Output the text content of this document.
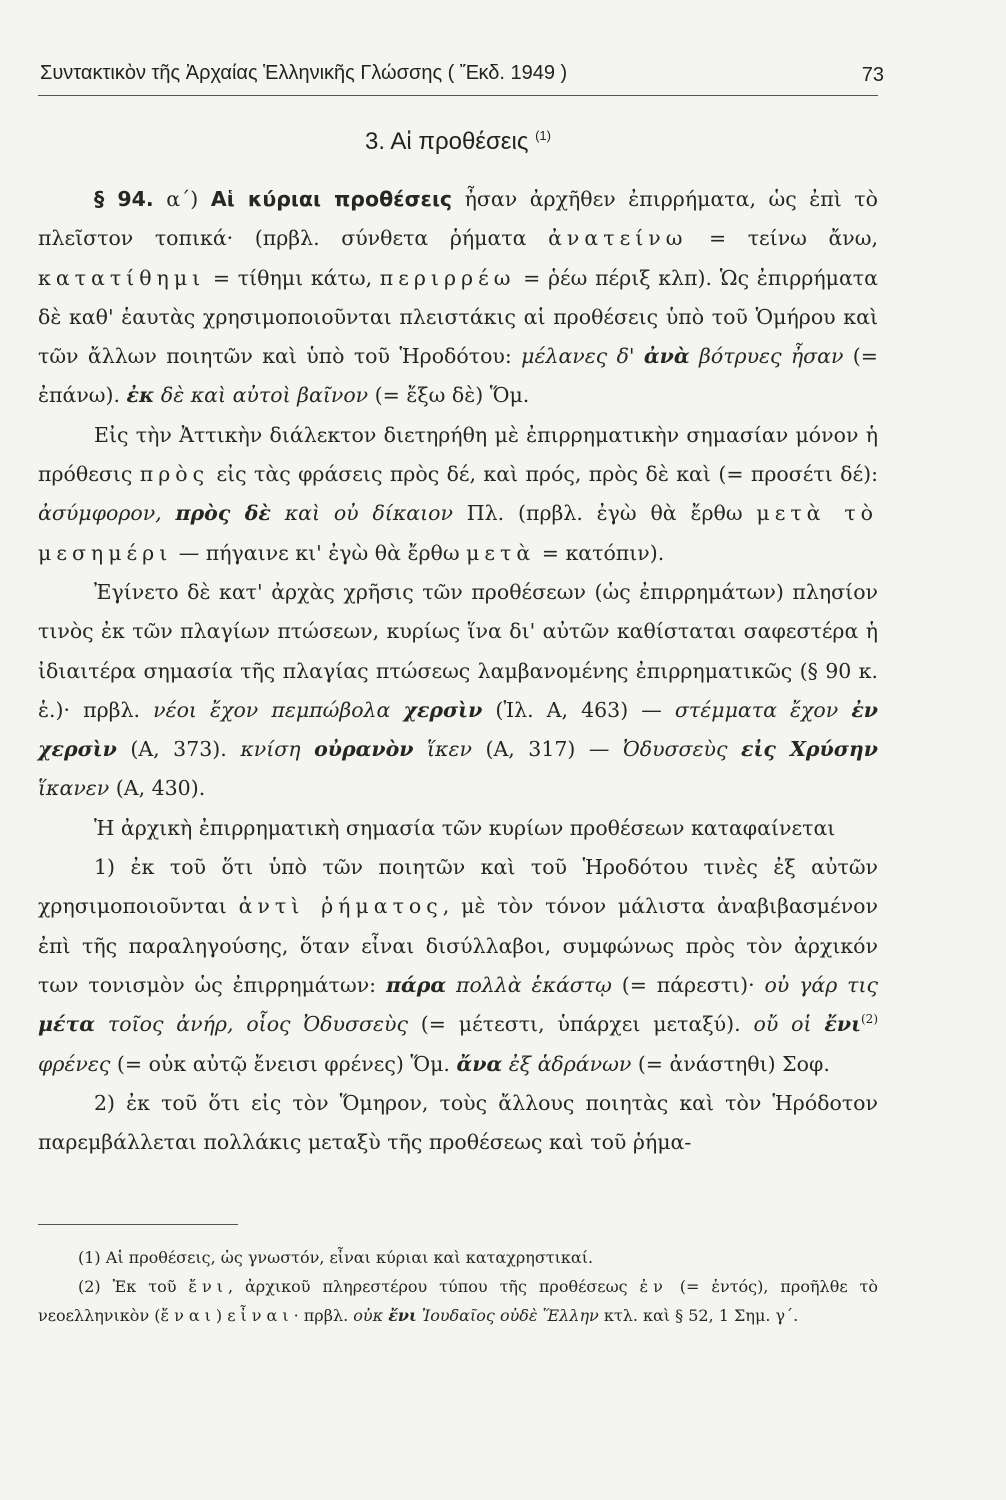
Συντακτικὸν τῆς Ἀρχαίας Ἑλληνικῆς Γλώσσης ( Ἔκδ. 1949 )	73
3. Αἱ προθέσεις $^{(1)}$

§ 94. α΄) Αἱ κύριαι προθέσεις ἦσαν ἀρχῆθεν ἐπιρρήματα, ὡς ἐπὶ τὸ πλεῖστον τοπικά· (πρβλ. σύνθετα ῥήματα ἀνατείνω = τείνω ἄνω, κατατίθημι = τίθημι κάτω, περιρρέω = ῥέω πέριξ κλπ). Ὡς ἐπιρρήματα δὲ καθ' ἑαυτὰς χρησιμοποιοῦνται πλειστάκις αἱ προθέσεις ὑπὸ τοῦ Ὁμήρου καὶ τῶν ἄλλων ποιητῶν καὶ ὑπὸ τοῦ Ἡροδότου: μέλανες δ' ἀνὰ βότρυες ἦσαν (= ἐπάνω). ἐκ δὲ καὶ αὐτοὶ βαῖνον (= ἔξω δὲ) Ὅμ.

Εἰς τὴν Ἀττικὴν διάλεκτον διετηρήθη μὲ ἐπιρρηματικὴν σημασίαν μόνον ἡ πρόθεσις πρὸς εἰς τὰς φράσεις πρὸς δέ, καὶ πρός, πρὸς δὲ καὶ (= προσέτι δέ): ἀσύμφορον, πρὸς δὲ καὶ οὐ δίκαιον Πλ. (πρβλ. ἐγὼ θὰ ἔρθω μετὰ τὸ μεσημέρι — πήγαινε κι' ἐγὼ θὰ ἔρθω μετὰ = κατόπιν).

Ἐγίνετο δὲ κατ' ἀρχὰς χρῆσις τῶν προθέσεων (ὡς ἐπιρρημάτων) πλησίον τινὸς ἐκ τῶν πλαγίων πτώσεων, κυρίως ἵνα δι' αὐτῶν καθίσταται σαφεστέρα ἡ ἰδιαιτέρα σημασία τῆς πλαγίας πτώσεως λαμβανομένης ἐπιρρηματικῶς (§ 90 κ. ἑ.)· πρβλ. νέοι ἔχον πεμπώβολα χερσὶν (Ἰλ. Α, 463) — στέμματα ἔχον ἐν χερσὶν (Α, 373). κνίση οὐρανὸν ἵκεν (Α, 317) — Ὀδυσσεὺς εἰς Χρύσην ἵκανεν (Α, 430).

Ἡ ἀρχικὴ ἐπιρρηματικὴ σημασία τῶν κυρίων προθέσεων καταφαίνεται

1) ἐκ τοῦ ὅτι ὑπὸ τῶν ποιητῶν καὶ τοῦ Ἡροδότου τινὲς ἐξ αὐτῶν χρησιμοποιοῦνται ἀντὶ ῥήματος, μὲ τὸν τόνον μάλιστα ἀναβιβασμένον ἐπὶ τῆς παραληγούσης, ὅταν εἶναι δισύλλαβοι, συμφώνως πρὸς τὸν ἀρχικόν των τονισμὸν ὡς ἐπιρρημάτων: πάρα πολλὰ ἑκάστῳ (= πάρεστι)· οὐ γάρ τις μέτα τοῖος ἀνήρ, οἷος Ὀδυσσεὺς (= μέτεστι, ὑπάρχει μεταξύ). οὔ οἱ ἔνι$^{(2)}$ φρένες (= οὐκ αὐτῷ ἔνεισι φρένες) Ὅμ. ἄνα ἐξ ἁδράνων (= ἀνάστηθι) Σοφ.

2) ἐκ τοῦ ὅτι εἰς τὸν Ὅμηρον, τοὺς ἄλλους ποιητὰς καὶ τὸν Ἡρόδοτον παρεμβάλλεται πολλάκις μεταξὺ τῆς προθέσεως καὶ τοῦ ῥήμα-

(1) Αἱ προθέσεις, ὡς γνωστόν, εἶναι κύριαι καὶ καταχρηστικαί.

(2) Ἐκ τοῦ ἔνι, ἀρχικοῦ πληρεστέρου τύπου τῆς προθέσεως ἐν (= ἐντός), προῆλθε τὸ νεοελληνικὸν (ἔναι) εἶναι· πρβλ. οὐκ ἔνι Ἰουδαῖος οὐδὲ Ἕλλην κτλ. καὶ § 52, 1 Σημ. γ΄.
